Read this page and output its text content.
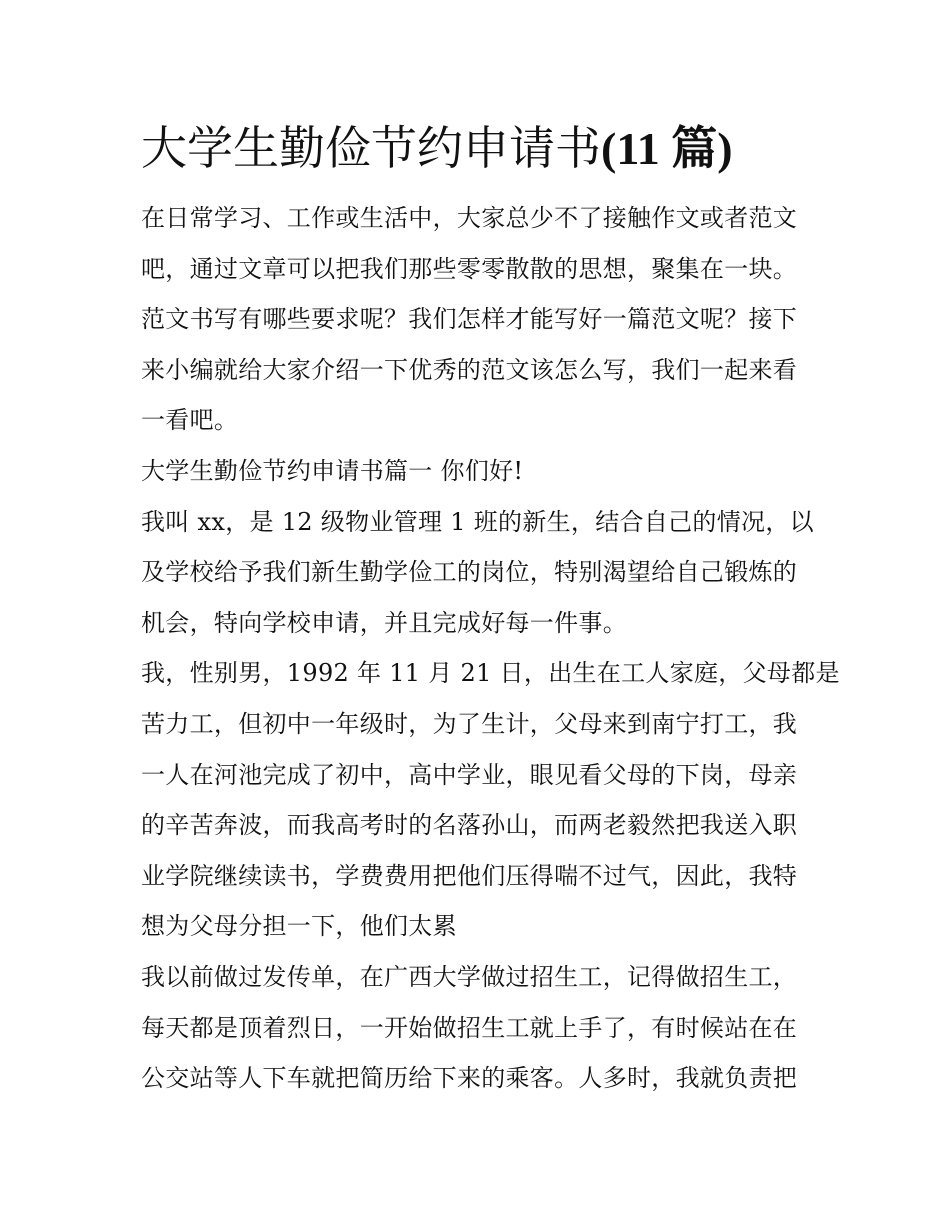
大学生勤俭节约申请书(11 篇)
在日常学习、工作或生活中，大家总少不了接触作文或者范文
吧，通过文章可以把我们那些零零散散的思想，聚集在一块。
范文书写有哪些要求呢？我们怎样才能写好一篇范文呢？接下
来小编就给大家介绍一下优秀的范文该怎么写，我们一起来看
一看吧。
大学生勤俭节约申请书篇一 你们好!
我叫 xx，是 12 级物业管理 1 班的新生，结合自己的情况，以
及学校给予我们新生勤学俭工的岗位，特别渴望给自己锻炼的
机会，特向学校申请，并且完成好每一件事。
我，性别男，1992 年 11 月 21 日，出生在工人家庭，父母都是
苦力工，但初中一年级时，为了生计，父母来到南宁打工，我
一人在河池完成了初中，高中学业，眼见看父母的下岗，母亲
的辛苦奔波，而我高考时的名落孙山，而两老毅然把我送入职
业学院继续读书，学费费用把他们压得喘不过气，因此，我特
想为父母分担一下，他们太累
我以前做过发传单，在广西大学做过招生工，记得做招生工，
每天都是顶着烈日，一开始做招生工就上手了，有时候站在在
公交站等人下车就把简历给下来的乘客。人多时，我就负责把
